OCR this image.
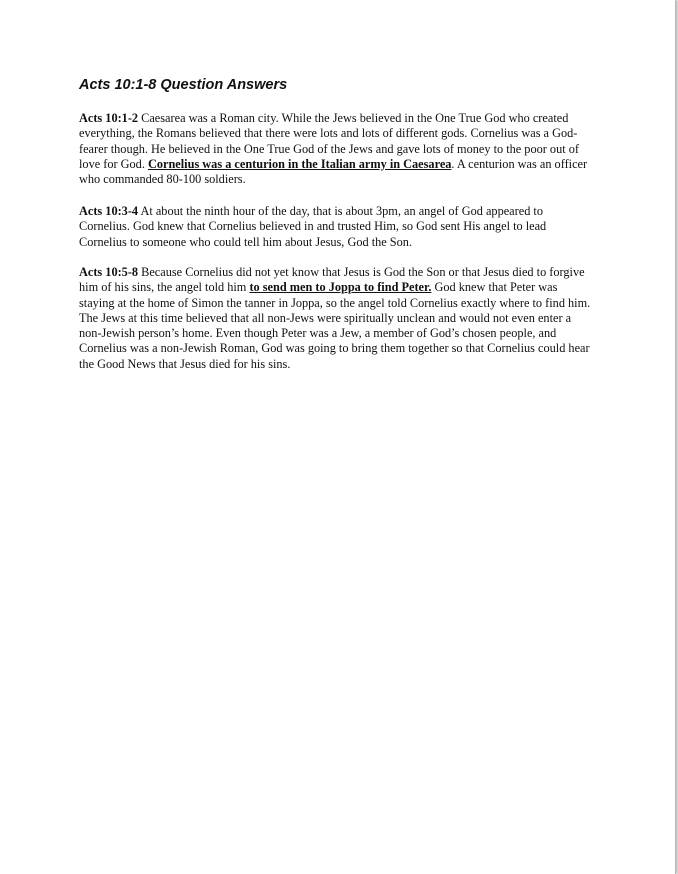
Acts 10:1-8 Question Answers

Acts 10:1-2 Caesarea was a Roman city. While the Jews believed in the One True God who created everything, the Romans believed that there were lots and lots of different gods. Cornelius was a God-fearer though. He believed in the One True God of the Jews and gave lots of money to the poor out of love for God. Cornelius was a centurion in the Italian army in Caesarea. A centurion was an officer who commanded 80-100 soldiers.

Acts 10:3-4 At about the ninth hour of the day, that is about 3pm, an angel of God appeared to Cornelius. God knew that Cornelius believed in and trusted Him, so God sent His angel to lead Cornelius to someone who could tell him about Jesus, God the Son.

Acts 10:5-8 Because Cornelius did not yet know that Jesus is God the Son or that Jesus died to forgive him of his sins, the angel told him to send men to Joppa to find Peter. God knew that Peter was staying at the home of Simon the tanner in Joppa, so the angel told Cornelius exactly where to find him. The Jews at this time believed that all non-Jews were spiritually unclean and would not even enter a non-Jewish person’s home. Even though Peter was a Jew, a member of God’s chosen people, and Cornelius was a non-Jewish Roman, God was going to bring them together so that Cornelius could hear the Good News that Jesus died for his sins.
